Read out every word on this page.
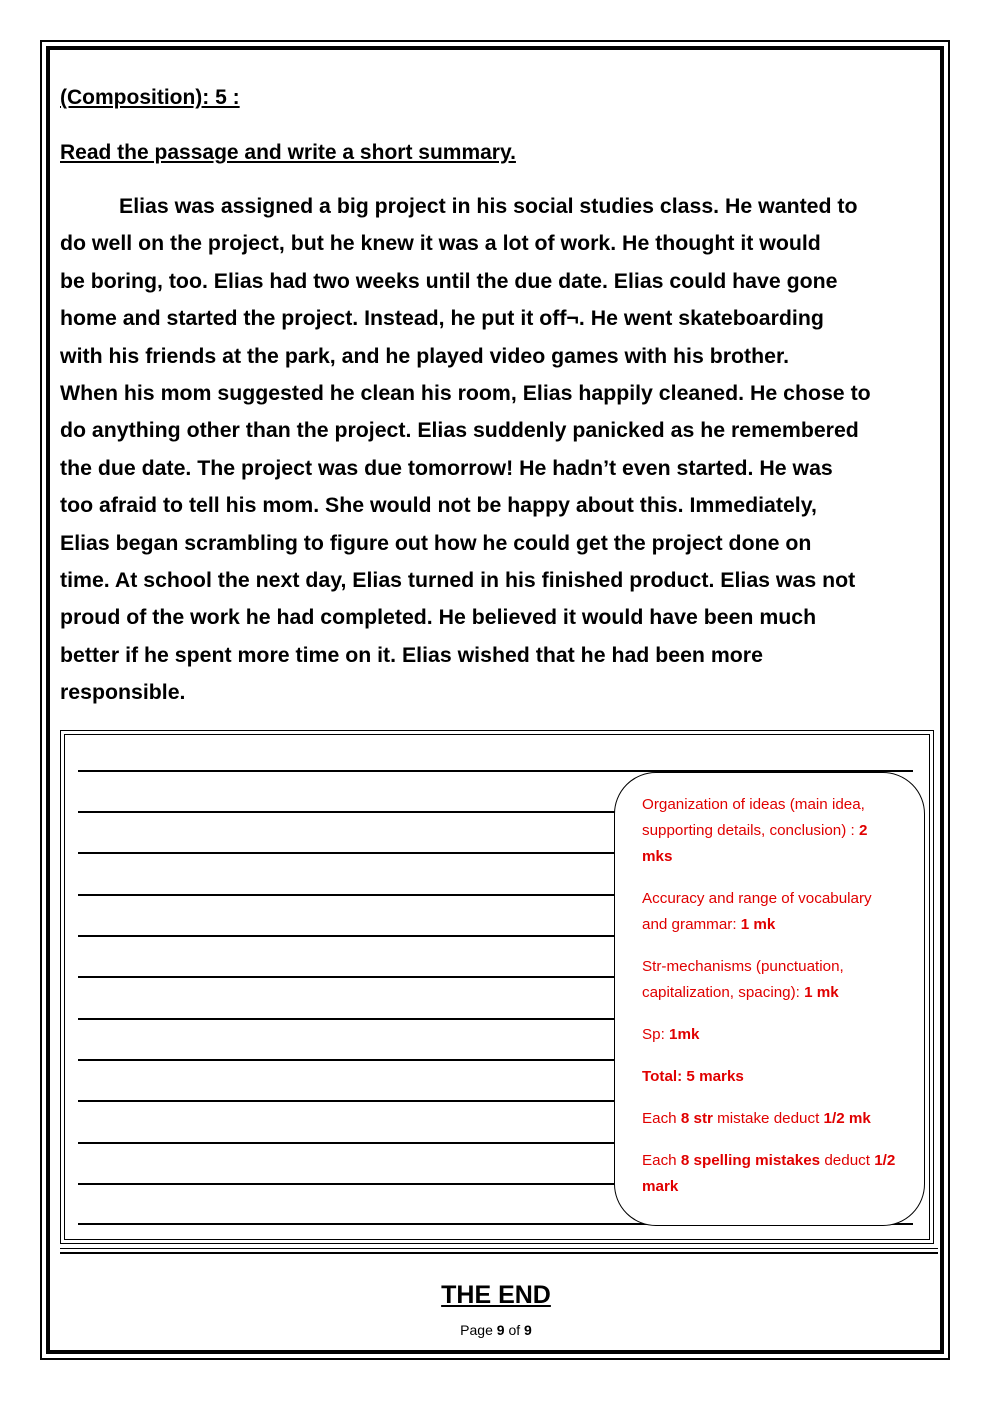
(Composition): 5 :
Read the passage and write a short summary.
Elias was assigned a big project in his social studies class. He wanted to
do well on the project, but he knew it was a lot of work. He thought it would
be boring, too. Elias had two weeks until the due date. Elias could have gone
home and started the project. Instead, he put it off¬. He went skateboarding
with his friends at the park, and he played video games with his brother.
When his mom suggested he clean his room, Elias happily cleaned. He chose to
do anything other than the project. Elias suddenly panicked as he remembered
the due date. The project was due tomorrow! He hadn’t even started. He was
too afraid to tell his mom. She would not be happy about this. Immediately,
Elias began scrambling to figure out how he could get the project done on
time. At school the next day, Elias turned in his finished product. Elias was not
proud of the work he had completed. He believed it would have been much
better if he spent more time on it. Elias wished that he had been more
responsible.

Organization of ideas (main idea, supporting details, conclusion) : 2 mks

Accuracy and range of vocabulary and grammar: 1 mk

Str-mechanisms (punctuation, capitalization, spacing): 1 mk

Sp: 1mk

Total: 5 marks

Each 8 str mistake deduct 1/2 mk

Each 8 spelling mistakes deduct 1/2 mark

THE END
Page 9 of 9
